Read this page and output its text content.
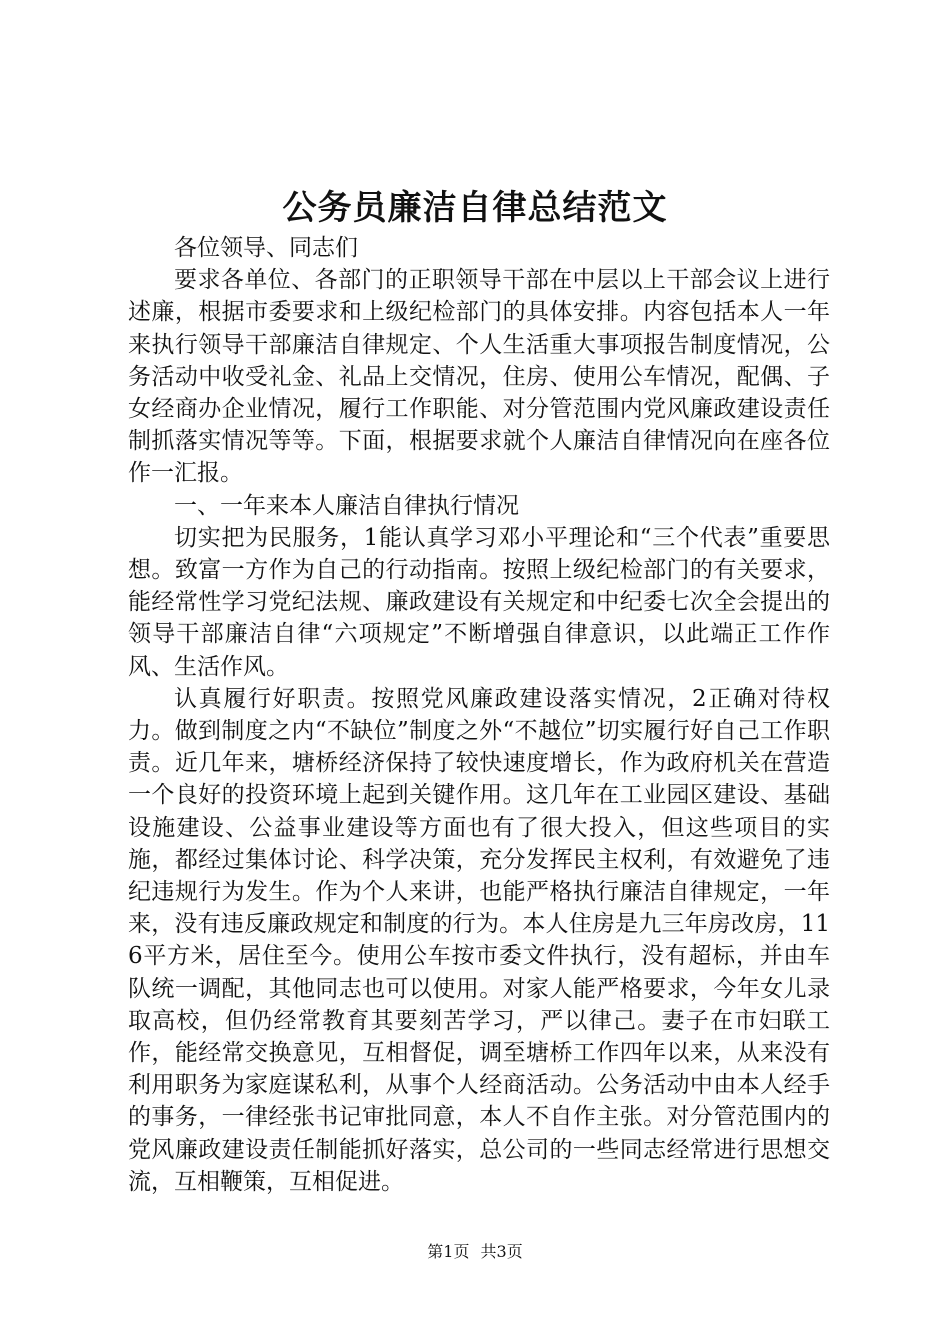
公务员廉洁自律总结范文

各位领导、同志们

要求各单位、各部门的正职领导干部在中层以上干部会议上进行述廉，根据市委要求和上级纪检部门的具体安排。内容包括本人一年来执行领导干部廉洁自律规定、个人生活重大事项报告制度情况，公务活动中收受礼金、礼品上交情况，住房、使用公车情况，配偶、子女经商办企业情况，履行工作职能、对分管范围内党风廉政建设责任制抓落实情况等等。下面，根据要求就个人廉洁自律情况向在座各位作一汇报。

一、一年来本人廉洁自律执行情况

切实把为民服务，1能认真学习邓小平理论和“三个代表”重要思想。致富一方作为自己的行动指南。按照上级纪检部门的有关要求，能经常性学习党纪法规、廉政建设有关规定和中纪委七次全会提出的领导干部廉洁自律“六项规定”不断增强自律意识，以此端正工作作风、生活作风。

认真履行好职责。按照党风廉政建设落实情况，2正确对待权力。做到制度之内“不缺位”制度之外“不越位”切实履行好自己工作职责。近几年来，塘桥经济保持了较快速度增长，作为政府机关在营造一个良好的投资环境上起到关键作用。这几年在工业园区建设、基础设施建设、公益事业建设等方面也有了很大投入，但这些项目的实施，都经过集体讨论、科学决策，充分发挥民主权利，有效避免了违纪违规行为发生。作为个人来讲，也能严格执行廉洁自律规定，一年来，没有违反廉政规定和制度的行为。本人住房是九三年房改房，116平方米，居住至今。使用公车按市委文件执行，没有超标，并由车队统一调配，其他同志也可以使用。对家人能严格要求，今年女儿录取高校，但仍经常教育其要刻苦学习，严以律己。妻子在市妇联工作，能经常交换意见，互相督促，调至塘桥工作四年以来，从来没有利用职务为家庭谋私利，从事个人经商活动。公务活动中由本人经手的事务，一律经张书记审批同意，本人不自作主张。对分管范围内的党风廉政建设责任制能抓好落实，总公司的一些同志经常进行思想交流，互相鞭策，互相促进。

第1页 共3页
